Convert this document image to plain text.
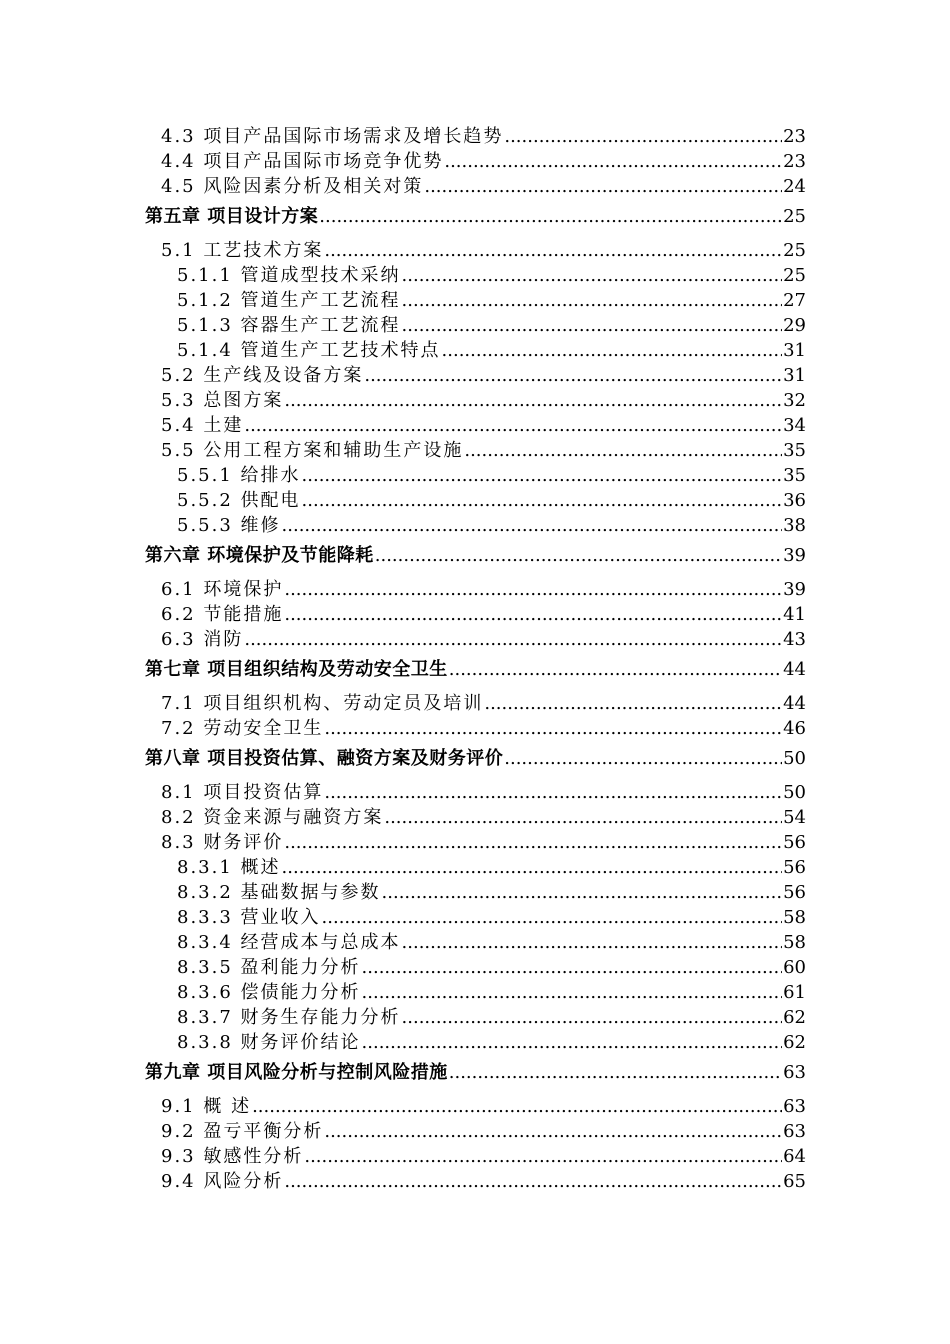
4.3 项目产品国际市场需求及增长趋势 .....	23
4.4 项目产品国际市场竞争优势 .....	23
4.5 风险因素分析及相关对策 .....	24
第五章 项目设计方案 .....	25
5.1 工艺技术方案 .....	25
5.1.1 管道成型技术采纳 .....	25
5.1.2 管道生产工艺流程 .....	27
5.1.3 容器生产工艺流程 .....	29
5.1.4 管道生产工艺技术特点 .....	31
5.2 生产线及设备方案 .....	31
5.3 总图方案 .....	32
5.4 土建 .....	34
5.5 公用工程方案和辅助生产设施 .....	35
5.5.1 给排水 .....	35
5.5.2 供配电 .....	36
5.5.3 维修 .....	38
第六章 环境保护及节能降耗 .....	39
6.1 环境保护 .....	39
6.2 节能措施 .....	41
6.3 消防 .....	43
第七章 项目组织结构及劳动安全卫生 .....	44
7.1 项目组织机构、劳动定员及培训 .....	44
7.2 劳动安全卫生 .....	46
第八章 项目投资估算、融资方案及财务评价 .....	50
8.1 项目投资估算 .....	50
8.2 资金来源与融资方案 .....	54
8.3 财务评价 .....	56
8.3.1 概述 .....	56
8.3.2 基础数据与参数 .....	56
8.3.3 营业收入 .....	58
8.3.4 经营成本与总成本 .....	58
8.3.5 盈利能力分析 .....	60
8.3.6 偿债能力分析 .....	61
8.3.7 财务生存能力分析 .....	62
8.3.8 财务评价结论 .....	62
第九章 项目风险分析与控制风险措施 .....	63
9.1 概 述 .....	63
9.2 盈亏平衡分析 .....	63
9.3 敏感性分析 .....	64
9.4 风险分析 .....	65
